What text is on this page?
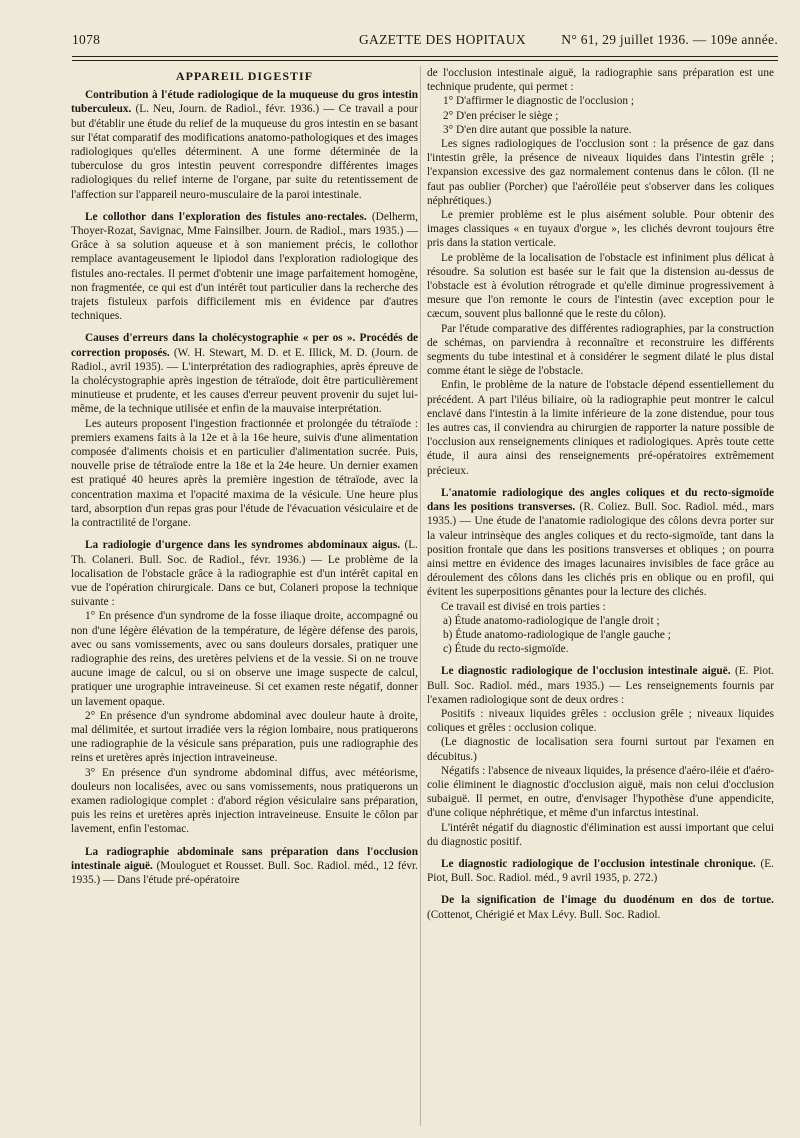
1078	GAZETTE DES HOPITAUX	N° 61, 29 juillet 1936. — 109e année.
APPAREIL DIGESTIF

Contribution à l'étude radiologique de la muqueuse du gros intestin tuberculeux. (L. Neu, Journ. de Radiol., févr. 1936.) — Ce travail a pour but d'établir une étude du relief de la muqueuse du gros intestin en se basant sur l'état comparatif des modifications anatomo-pathologiques et des images radiologiques qu'elles déterminent. A une forme déterminée de la tuberculose du gros intestin peuvent correspondre différentes images radiologiques du relief interne de l'organe, par suite du retentissement de l'affection sur l'appareil neuro-musculaire de la paroi intestinale.

Le collothor dans l'exploration des fistules ano-rectales. (Delherm, Thoyer-Rozat, Savignac, Mme Fainsilber. Journ. de Radiol., mars 1935.) — Grâce à sa solution aqueuse et à son maniement précis, le collothor remplace avantageusement le lipiodol dans l'exploration radiologique des fistules ano-rectales. Il permet d'obtenir une image parfaitement homogène, non fragmentée, ce qui est d'un intérêt tout particulier dans la recherche des trajets fistuleux parfois difficilement mis en évidence par d'autres techniques.

Causes d'erreurs dans la cholécystographie « per os ». Procédés de correction proposés. (W. H. Stewart, M. D. et E. Illick, M. D. (Journ. de Radiol., avril 1935). — L'interprétation des radiographies, après épreuve de la cholécystographie après ingestion de tétraïode, doit être particulièrement minutieuse et prudente, et les causes d'erreur peuvent provenir du sujet lui-même, de la technique utilisée et enfin de la mauvaise interprétation.

Les auteurs proposent l'ingestion fractionnée et prolongée du tétraïode : premiers examens faits à la 12e et à la 16e heure, suivis d'une alimentation composée d'aliments choisis et en particulier d'alimentation sucrée. Puis, nouvelle prise de tétraïode entre la 18e et la 24e heure. Un dernier examen est pratiqué 40 heures après la première ingestion de tétraïode, avec la concentration maxima et l'opacité maxima de la vésicule. Une heure plus tard, absorption d'un repas gras pour l'étude de l'évacuation vésiculaire et de la contractilité de l'organe.

La radiologie d'urgence dans les syndromes abdominaux aigus. (L. Th. Colaneri. Bull. Soc. de Radiol., févr. 1936.) — Le problème de la localisation de l'obstacle grâce à la radiographie est d'un intérêt capital en vue de l'opération chirurgicale. Dans ce but, Colaneri propose la technique suivante :

1° En présence d'un syndrome de la fosse iliaque droite, accompagné ou non d'une légère élévation de la température, de légère défense des parois, avec ou sans vomissements, avec ou sans douleurs dorsales, pratiquer une radiographie des reins, des uretères pelviens et de la vessie. Si on ne trouve aucune image de calcul, ou si on observe une image suspecte de calcul, pratiquer une urographie intraveineuse. Si cet examen reste négatif, donner un lavement opaque.

2° En présence d'un syndrome abdominal avec douleur haute à droite, mal délimitée, et surtout irradiée vers la région lombaire, nous pratiquerons une radiographie de la vésicule sans préparation, puis une radiographie des reins et uretères après injection intraveineuse.

3° En présence d'un syndrome abdominal diffus, avec météorisme, douleurs non localisées, avec ou sans vomissements, nous pratiquerons un examen radiologique complet : d'abord région vésiculaire sans préparation, puis les reins et uretères après injection intraveineuse. Ensuite le côlon par lavement, enfin l'estomac.

La radiographie abdominale sans préparation dans l'occlusion intestinale aiguë. (Mouloguet et Rousset. Bull. Soc. Radiol. méd., 12 févr. 1935.) — Dans l'étude pré-opératoire

de l'occlusion intestinale aiguë, la radiographie sans préparation est une technique prudente, qui permet :

1° D'affirmer le diagnostic de l'occlusion ;

2° D'en préciser le siège ;

3° D'en dire autant que possible la nature.

Les signes radiologiques de l'occlusion sont : la présence de gaz dans l'intestin grêle, la présence de niveaux liquides dans l'intestin grêle ; l'expansion excessive des gaz normalement contenus dans le côlon. (Il ne faut pas oublier (Porcher) que l'aéroïléie peut s'observer dans les coliques néphrétiques.)

Le premier problème est le plus aisément soluble. Pour obtenir des images classiques « en tuyaux d'orgue », les clichés devront toujours être pris dans la station verticale.

Le problème de la localisation de l'obstacle est infiniment plus délicat à résoudre. Sa solution est basée sur le fait que la distension au-dessus de l'obstacle est à évolution rétrograde et qu'elle diminue progressivement à mesure que l'on remonte le cours de l'intestin (avec exception pour le cæcum, souvent plus ballonné que le reste du côlon).

Par l'étude comparative des différentes radiographies, par la construction de schémas, on parviendra à reconnaître et reconstruire les différents segments du tube intestinal et à considérer le segment dilaté le plus distal comme étant le siège de l'obstacle.

Enfin, le problème de la nature de l'obstacle dépend essentiellement du précédent. A part l'iléus biliaire, où la radiographie peut montrer le calcul enclavé dans l'intestin à la limite inférieure de la zone distendue, pour tous les autres cas, il conviendra au chirurgien de rapporter la nature possible de l'occlusion aux renseignements cliniques et radiologiques. Après toute cette étude, il aura ainsi des renseignements pré-opératoires extrêmement précieux.

L'anatomie radiologique des angles coliques et du recto-sigmoïde dans les positions transverses. (R. Coliez. Bull. Soc. Radiol. méd., mars 1935.) — Une étude de l'anatomie radiologique des côlons devra porter sur la valeur intrinsèque des angles coliques et du recto-sigmoïde, tant dans la position frontale que dans les positions transverses et obliques ; on pourra ainsi mettre en évidence des images lacunaires invisibles de face grâce au déroulement des côlons dans les clichés pris en oblique ou en profil, qui évitent les superpositions gênantes pour la lecture des clichés.

Ce travail est divisé en trois parties :

a) Étude anatomo-radiologique de l'angle droit ;

b) Étude anatomo-radiologique de l'angle gauche ;

c) Étude du recto-sigmoïde.

Le diagnostic radiologique de l'occlusion intestinale aiguë. (E. Piot. Bull. Soc. Radiol. méd., mars 1935.) — Les renseignements fournis par l'examen radiologique sont de deux ordres :

Positifs : niveaux liquides grêles : occlusion grêle ; niveaux liquides coliques et grêles : occlusion colique.

(Le diagnostic de localisation sera fourni surtout par l'examen en décubitus.)

Négatifs : l'absence de niveaux liquides, la présence d'aéro-iléie et d'aéro-colie éliminent le diagnostic d'occlusion aiguë, mais non celui d'occlusion subaiguë. Il permet, en outre, d'envisager l'hypothèse d'une appendicite, d'une colique néphrétique, et même d'un infarctus intestinal.

L'intérêt négatif du diagnostic d'élimination est aussi important que celui du diagnostic positif.

Le diagnostic radiologique de l'occlusion intestinale chronique. (E. Piot, Bull. Soc. Radiol. méd., 9 avril 1935, p. 272.)

De la signification de l'image du duodénum en dos de tortue. (Cottenot, Chérigié et Max Lévy. Bull. Soc. Radiol.
